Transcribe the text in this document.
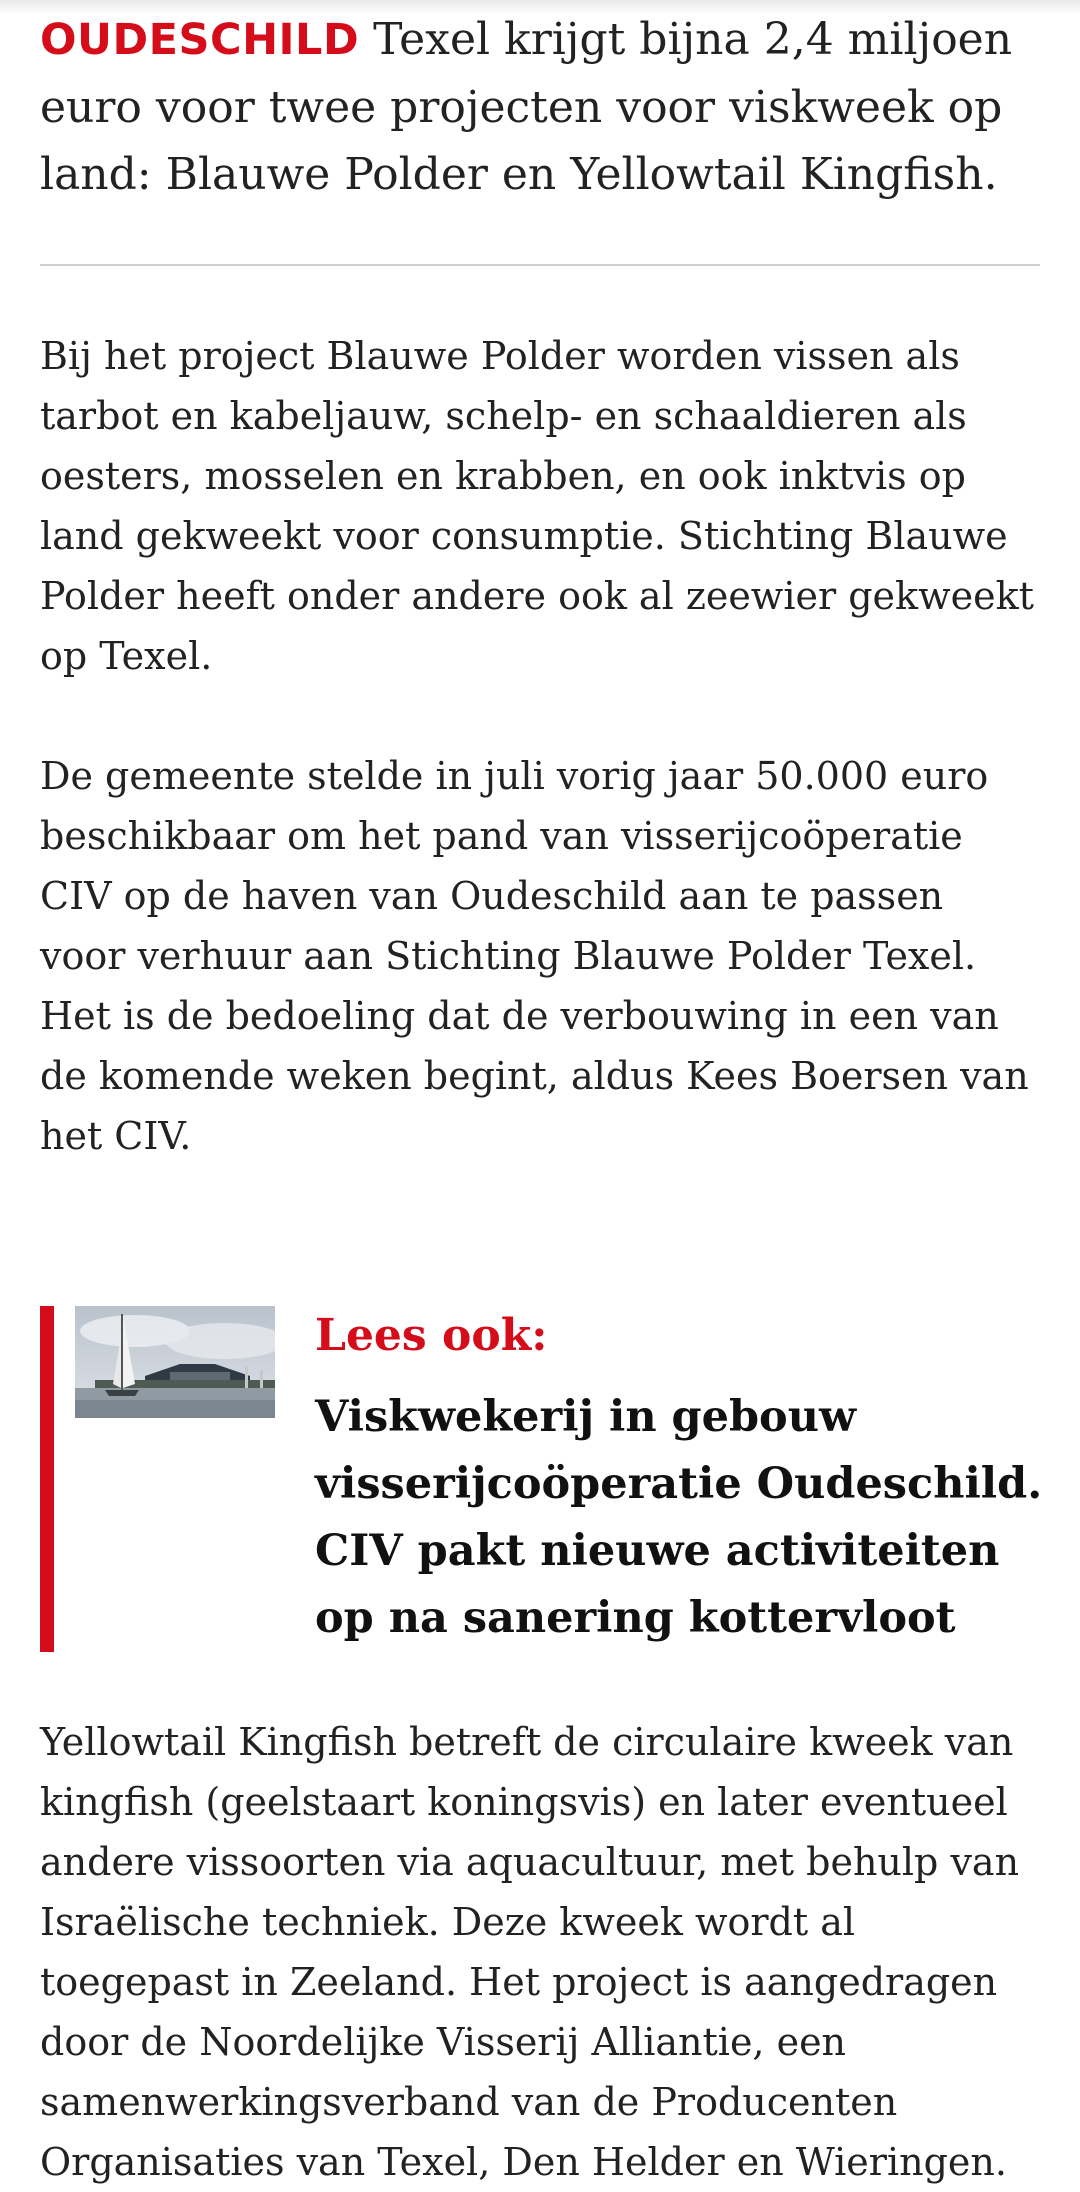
OUDESCHILD Texel krijgt bijna 2,4 miljoen euro voor twee projecten voor viskweek op land: Blauwe Polder en Yellowtail Kingfish.

Bij het project Blauwe Polder worden vissen als tarbot en kabeljauw, schelp- en schaaldieren als oesters, mosselen en krabben, en ook inktvis op land gekweekt voor consumptie. Stichting Blauwe Polder heeft onder andere ook al zeewier gekweekt op Texel.

De gemeente stelde in juli vorig jaar 50.000 euro beschikbaar om het pand van visserijcoöperatie CIV op de haven van Oudeschild aan te passen voor verhuur aan Stichting Blauwe Polder Texel. Het is de bedoeling dat de verbouwing in een van de komende weken begint, aldus Kees Boersen van het CIV.

Lees ook:

Viskwekerij in gebouw visserijcoöperatie Oudeschild. CIV pakt nieuwe activiteiten op na sanering kottervloot

Yellowtail Kingfish betreft de circulaire kweek van kingfish (geelstaart koningsvis) en later eventueel andere vissoorten via aquacultuur, met behulp van Israëlische techniek. Deze kweek wordt al toegepast in Zeeland. Het project is aangedragen door de Noordelijke Visserij Alliantie, een samenwerkingsverband van de Producenten Organisaties van Texel, Den Helder en Wieringen.
